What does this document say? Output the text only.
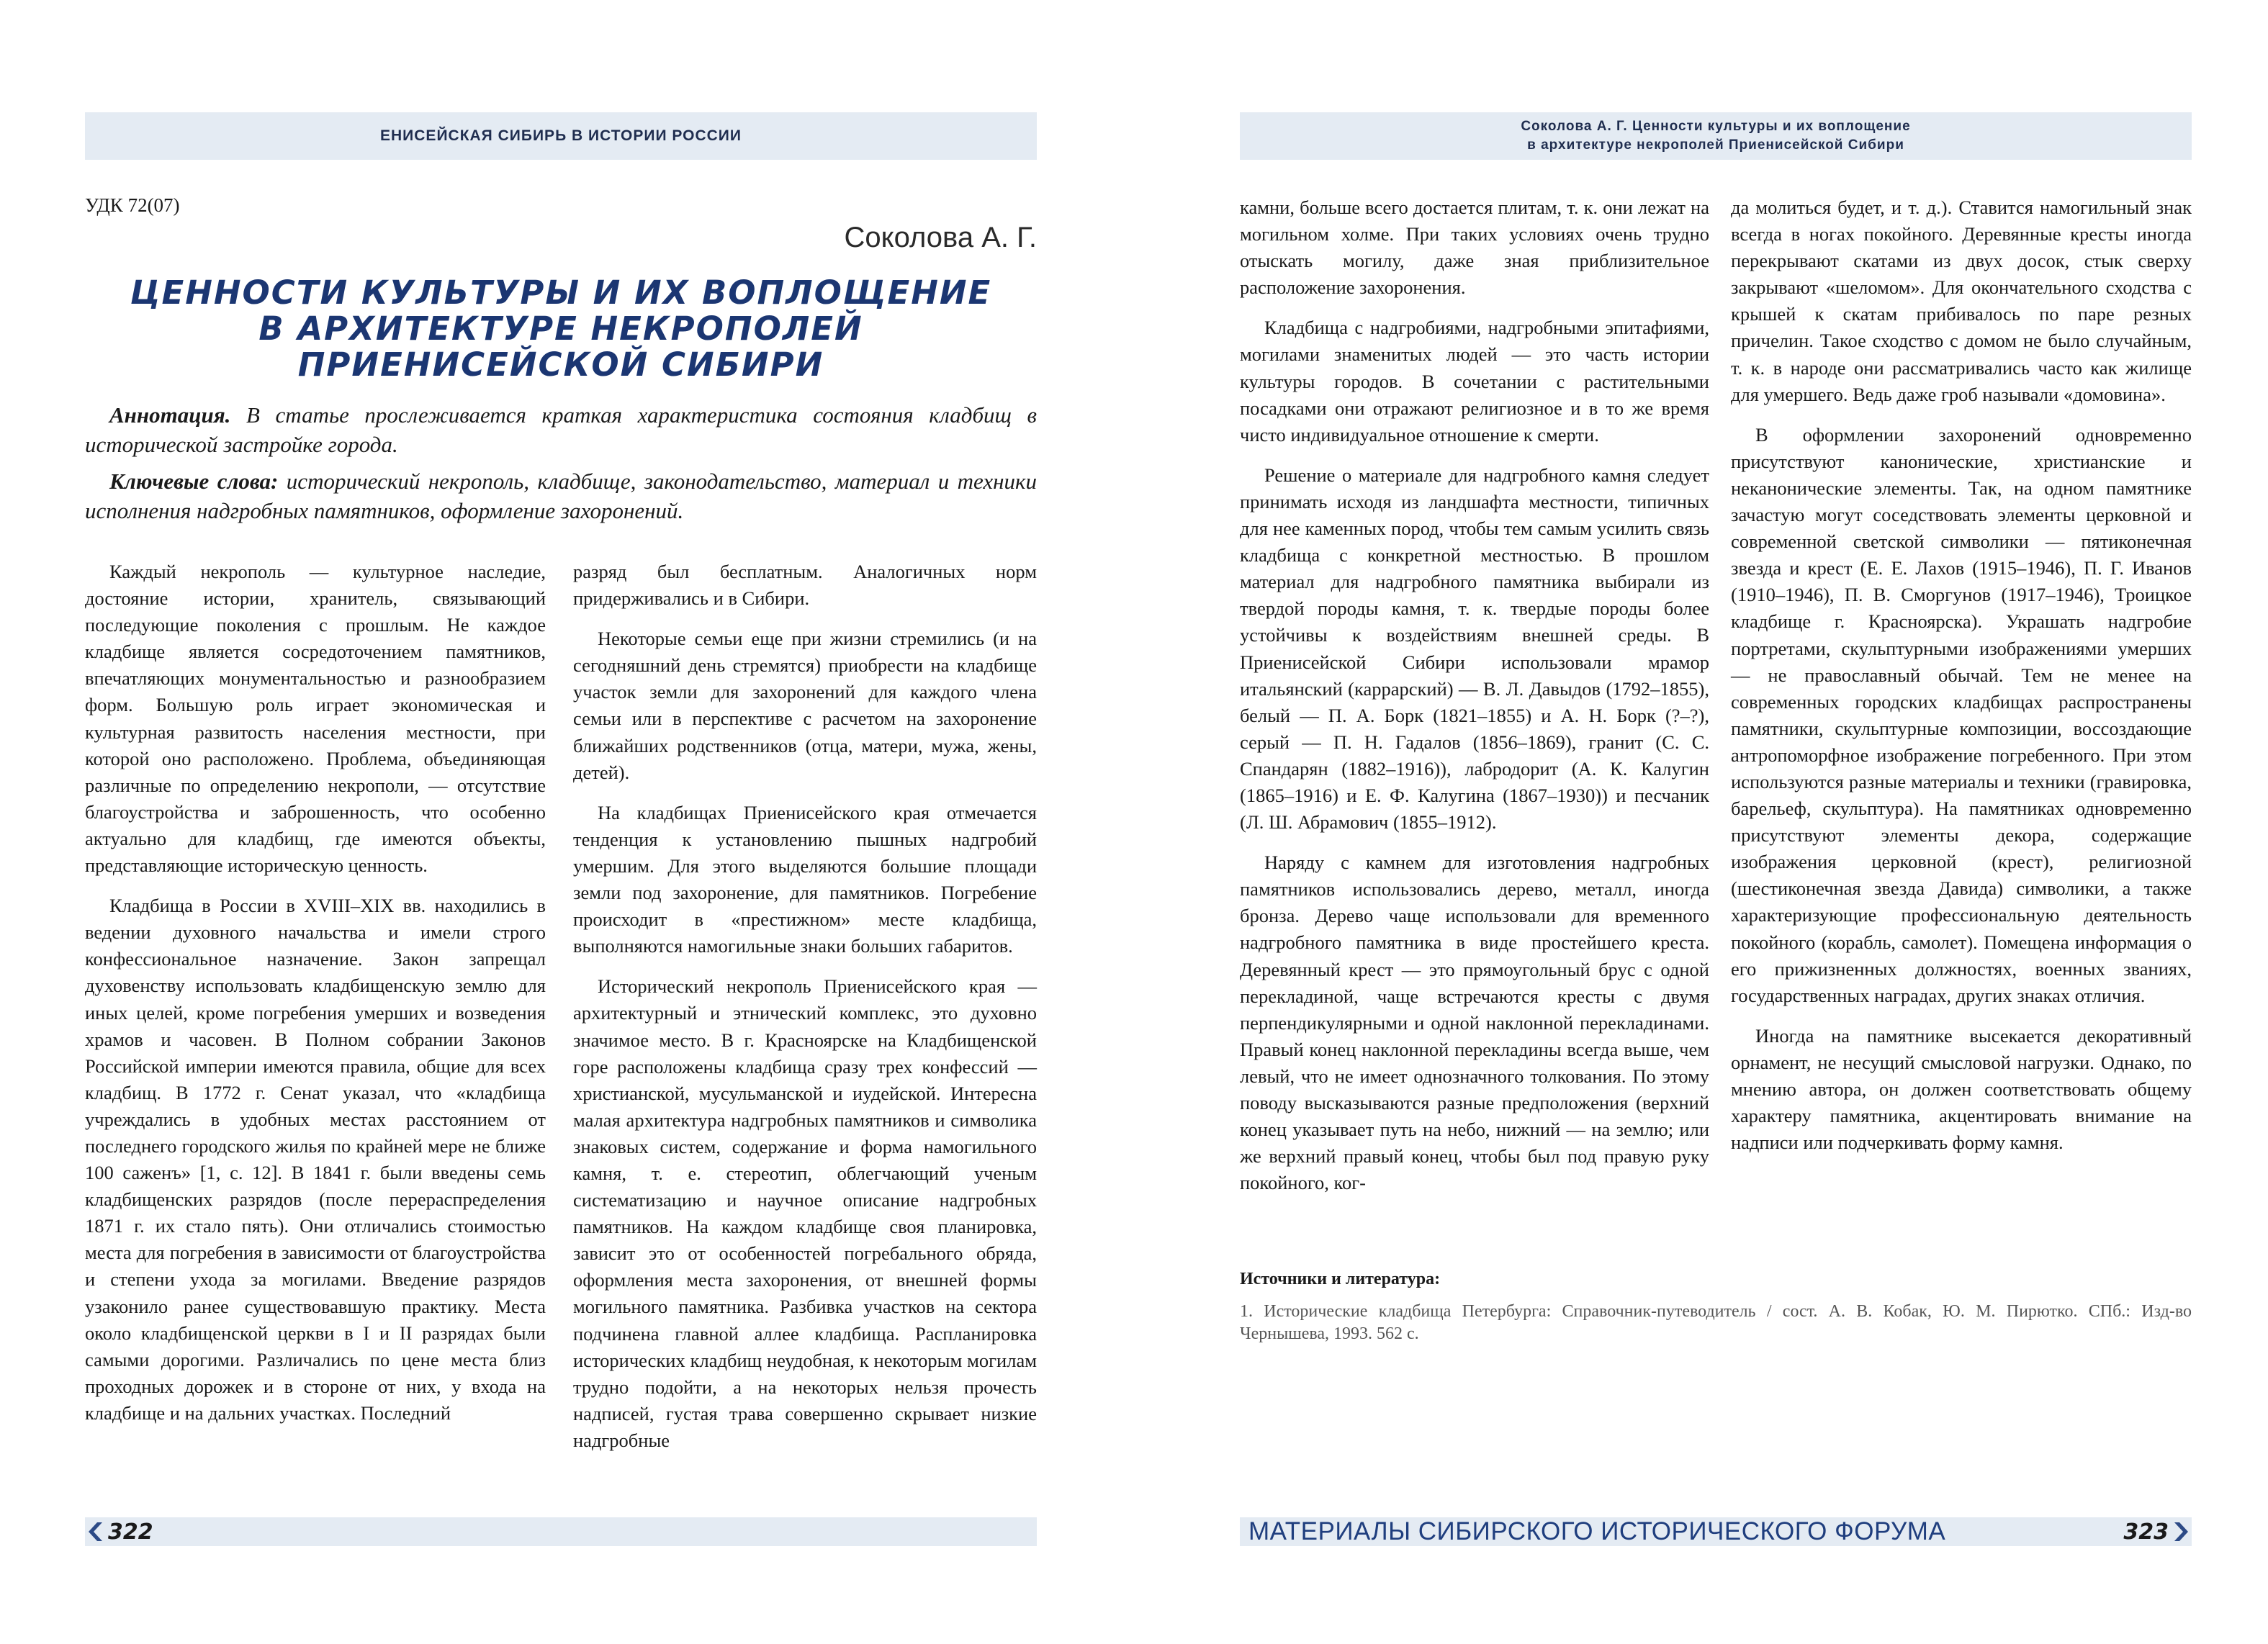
ЕНИСЕЙСКАЯ СИБИРЬ В ИСТОРИИ РОССИИ
УДК 72(07)
Соколова А. Г.
ЦЕННОСТИ КУЛЬТУРЫ И ИХ ВОПЛОЩЕНИЕ
В АРХИТЕКТУРЕ НЕКРОПОЛЕЙ
ПРИЕНИСЕЙСКОЙ СИБИРИ

Аннотация. В статье прослеживается краткая характеристика состояния кладбищ в исторической застройке города.

Ключевые слова: исторический некрополь, кладбище, законодательство, материал и техники исполнения надгробных памятников, оформление захоронений.

Каждый некрополь — культурное наследие, достояние истории, хранитель, связывающий последующие поколения с прошлым. Не каждое кладбище является сосредоточением памятников, впечатляющих монументальностью и разнообразием форм. Большую роль играет экономическая и культурная развитость населения местности, при которой оно расположено. Проблема, объединяющая различные по определению некрополи, — отсутствие благоустройства и заброшенность, что особенно актуально для кладбищ, где имеются объекты, представляющие историческую ценность.

Кладбища в России в XVIII–XIX вв. находились в ведении духовного начальства и имели строго конфессиональное назначение. Закон запрещал духовенству использовать кладбищенскую землю для иных целей, кроме погребения умерших и возведения храмов и часовен. В Полном собрании Законов Российской империи имеются правила, общие для всех кладбищ. В 1772 г. Сенат указал, что «кладбища учреждались в удобных местах расстоянием от последнего городского жилья по крайней мере не ближе 100 саженъ» [1, с. 12]. В 1841 г. были введены семь кладбищенских разрядов (после перераспределения 1871 г. их стало пять). Они отличались стоимостью места для погребения в зависимости от благоустройства и степени ухода за могилами. Введение разрядов узаконило ранее существовавшую практику. Места около кладбищенской церкви в I и II разрядах были самыми дорогими. Различались по цене места близ проходных дорожек и в стороне от них, у входа на кладбище и на дальних участках. Последний

разряд был бесплатным. Аналогичных норм придерживались и в Сибири.

Некоторые семьи еще при жизни стремились (и на сегодняшний день стремятся) приобрести на кладбище участок земли для захоронений для каждого члена семьи или в перспективе с расчетом на захоронение ближайших родственников (отца, матери, мужа, жены, детей).

На кладбищах Приенисейского края отмечается тенденция к установлению пышных надгробий умершим. Для этого выделяются большие площади земли под захоронение, для памятников. Погребение происходит в «престижном» месте кладбища, выполняются намогильные знаки больших габаритов.

Исторический некрополь Приенисейского края — архитектурный и этнический комплекс, это духовно значимое место. В г. Красноярске на Кладбищенской горе расположены кладбища сразу трех конфессий — христианской, мусульманской и иудейской. Интересна малая архитектура надгробных памятников и символика знаковых систем, содержание и форма намогильного камня, т. е. стереотип, облегчающий ученым систематизацию и научное описание надгробных памятников. На каждом кладбище своя планировка, зависит это от особенностей погребального обряда, оформления места захоронения, от внешней формы могильного памятника. Разбивка участков на сектора подчинена главной аллее кладбища. Распланировка исторических кладбищ неудобная, к некоторым могилам трудно подойти, а на некоторых нельзя прочесть надписей, густая трава совершенно скрывает низкие надгробные

322
Соколова А. Г. Ценности культуры и их воплощение
в архитектуре некрополей Приенисейской Сибири

камни, больше всего достается плитам, т. к. они лежат на могильном холме. При таких условиях очень трудно отыскать могилу, даже зная приблизительное расположение захоронения.

Кладбища с надгробиями, надгробными эпитафиями, могилами знаменитых людей — это часть истории культуры городов. В сочетании с растительными посадками они отражают религиозное и в то же время чисто индивидуальное отношение к смерти.

Решение о материале для надгробного камня следует принимать исходя из ландшафта местности, типичных для нее каменных пород, чтобы тем самым усилить связь кладбища с конкретной местностью. В прошлом материал для надгробного памятника выбирали из твердой породы камня, т. к. твердые породы более устойчивы к воздействиям внешней среды. В Приенисейской Сибири использовали мрамор итальянский (каррарский) — В. Л. Давыдов (1792–1855), белый — П. А. Борк (1821–1855) и А. Н. Борк (?–?), серый — П. Н. Гадалов (1856–1869), гранит (С. С. Спандарян (1882–1916)), лабродорит (А. К. Калугин (1865–1916) и Е. Ф. Калугина (1867–1930)) и песчаник (Л. Ш. Абрамович (1855–1912).

Наряду с камнем для изготовления надгробных памятников использовались дерево, металл, иногда бронза. Дерево чаще использовали для временного надгробного памятника в виде простейшего креста. Деревянный крест — это прямоугольный брус с одной перекладиной, чаще встречаются кресты с двумя перпендикулярными и одной наклонной перекладинами. Правый конец наклонной перекладины всегда выше, чем левый, что не имеет однозначного толкования. По этому поводу высказываются разные предположения (верхний конец указывает путь на небо, нижний — на землю; или же верхний правый конец, чтобы был под правую руку покойного, ког-

да молиться будет, и т. д.). Ставится намогильный знак всегда в ногах покойного. Деревянные кресты иногда перекрывают скатами из двух досок, стык сверху закрывают «шеломом». Для окончательного сходства с крышей к скатам прибивалось по паре резных причелин. Такое сходство с домом не было случайным, т. к. в народе они рассматривались часто как жилище для умершего. Ведь даже гроб называли «домовина».

В оформлении захоронений одновременно присутствуют канонические, христианские и неканонические элементы. Так, на одном памятнике зачастую могут соседствовать элементы церковной и современной светской символики — пятиконечная звезда и крест (Е. Е. Лахов (1915–1946), П. Г. Иванов (1910–1946), П. В. Сморгунов (1917–1946), Троицкое кладбище г. Красноярска). Украшать надгробие портретами, скульптурными изображениями умерших — не православный обычай. Тем не менее на современных городских кладбищах распространены памятники, скульптурные композиции, воссоздающие антропоморфное изображение погребенного. При этом используются разные материалы и техники (гравировка, барельеф, скульптура). На памятниках одновременно присутствуют элементы декора, содержащие изображения церковной (крест), религиозной (шестиконечная звезда Давида) символики, а также характеризующие профессиональную деятельность покойного (корабль, самолет). Помещена информация о его прижизненных должностях, военных званиях, государственных наградах, других знаках отличия.

Иногда на памятнике высекается декоративный орнамент, не несущий смысловой нагрузки. Однако, по мнению автора, он должен соответствовать общему характеру памятника, акцентировать внимание на надписи или подчеркивать форму камня.

Источники и литература:
1. Исторические кладбища Петербурга: Справочник-путеводитель / сост. А. В. Кобак, Ю. М. Пирютко. СПб.: Изд-во Чернышева, 1993. 562 с.
МАТЕРИАЛЫ СИБИРСКОГО ИСТОРИЧЕСКОГО ФОРУМА	323
